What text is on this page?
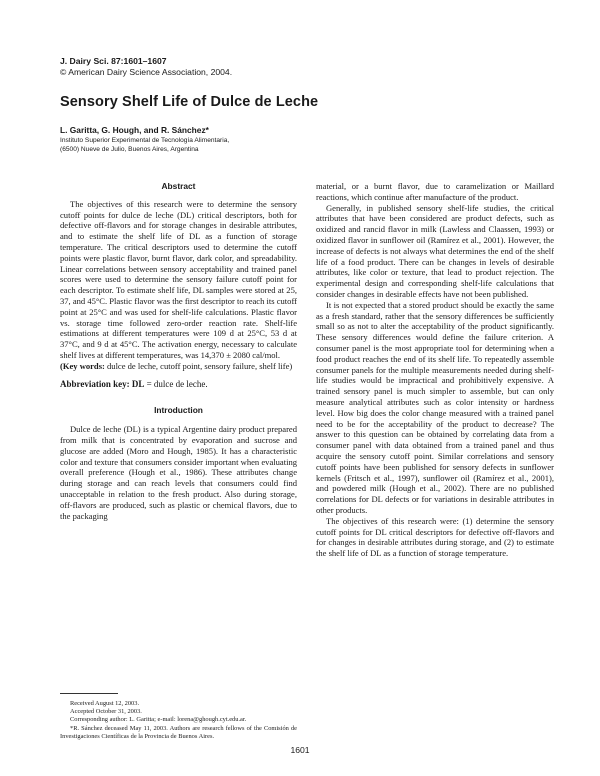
J. Dairy Sci. 87:1601–1607
© American Dairy Science Association, 2004.
Sensory Shelf Life of Dulce de Leche
L. Garitta, G. Hough, and R. Sánchez*
Instituto Superior Experimental de Tecnología Alimentaria,
(6500) Nueve de Julio, Buenos Aires, Argentina
Abstract

The objectives of this research were to determine the sensory cutoff points for dulce de leche (DL) critical descriptors, both for defective off-flavors and for storage changes in desirable attributes, and to estimate the shelf life of DL as a function of storage temperature. The critical descriptors used to determine the cutoff points were plastic flavor, burnt flavor, dark color, and spreadability. Linear correlations between sensory acceptability and trained panel scores were used to determine the sensory failure cutoff point for each descriptor. To estimate shelf life, DL samples were stored at 25, 37, and 45°C. Plastic flavor was the first descriptor to reach its cutoff point at 25°C and was used for shelf-life calculations. Plastic flavor vs. storage time followed zero-order reaction rate. Shelf-life estimations at different temperatures were 109 d at 25°C, 53 d at 37°C, and 9 d at 45°C. The activation energy, necessary to calculate shelf lives at different temperatures, was 14,370 ± 2080 cal/mol.

(Key words: dulce de leche, cutoff point, sensory failure, shelf life)

Abbreviation key: DL = dulce de leche.

Introduction

Dulce de leche (DL) is a typical Argentine dairy product prepared from milk that is concentrated by evaporation and sucrose and glucose are added (Moro and Hough, 1985). It has a characteristic color and texture that consumers consider important when evaluating overall preference (Hough et al., 1986). These attributes change during storage and can reach levels that consumers could find unacceptable in relation to the fresh product. Also during storage, off-flavors are produced, such as plastic or chemical flavors, due to the packaging

Received August 12, 2003.

Accepted October 31, 2003.

Corresponding author: L. Garitta; e-mail: lorena@ghough.cyt.edu.ar.

*R. Sánchez deceased May 11, 2003. Authors are research fellows of the Comisión de Investigaciones Científicas de la Provincia de Buenos Aires.

material, or a burnt flavor, due to caramelization or Maillard reactions, which continue after manufacture of the product.

Generally, in published sensory shelf-life studies, the critical attributes that have been considered are product defects, such as oxidized and rancid flavor in milk (Lawless and Claassen, 1993) or oxidized flavor in sunflower oil (Ramírez et al., 2001). However, the increase of defects is not always what determines the end of the shelf life of a food product. There can be changes in levels of desirable attributes, like color or texture, that lead to product rejection. The experimental design and corresponding shelf-life calculations that consider changes in desirable effects have not been published.

It is not expected that a stored product should be exactly the same as a fresh standard, rather that the sensory differences be sufficiently small so as not to alter the acceptability of the product significantly. These sensory differences would define the failure criterion. A consumer panel is the most appropriate tool for determining when a food product reaches the end of its shelf life. To repeatedly assemble consumer panels for the multiple measurements needed during shelf-life studies would be impractical and prohibitively expensive. A trained sensory panel is much simpler to assemble, but can only measure analytical attributes such as color intensity or hardness level. How big does the color change measured with a trained panel need to be for the acceptability of the product to decrease? The answer to this question can be obtained by correlating data from a consumer panel with data obtained from a trained panel and thus acquire the sensory cutoff point. Similar correlations and sensory cutoff points have been published for sensory defects in sunflower kernels (Fritsch et al., 1997), sunflower oil (Ramírez et al., 2001), and powdered milk (Hough et al., 2002). There are no published correlations for DL defects or for variations in desirable attributes in other products.

The objectives of this research were: (1) determine the sensory cutoff points for DL critical descriptors for defective off-flavors and for changes in desirable attributes during storage, and (2) to estimate the shelf life of DL as a function of storage temperature.

1601
